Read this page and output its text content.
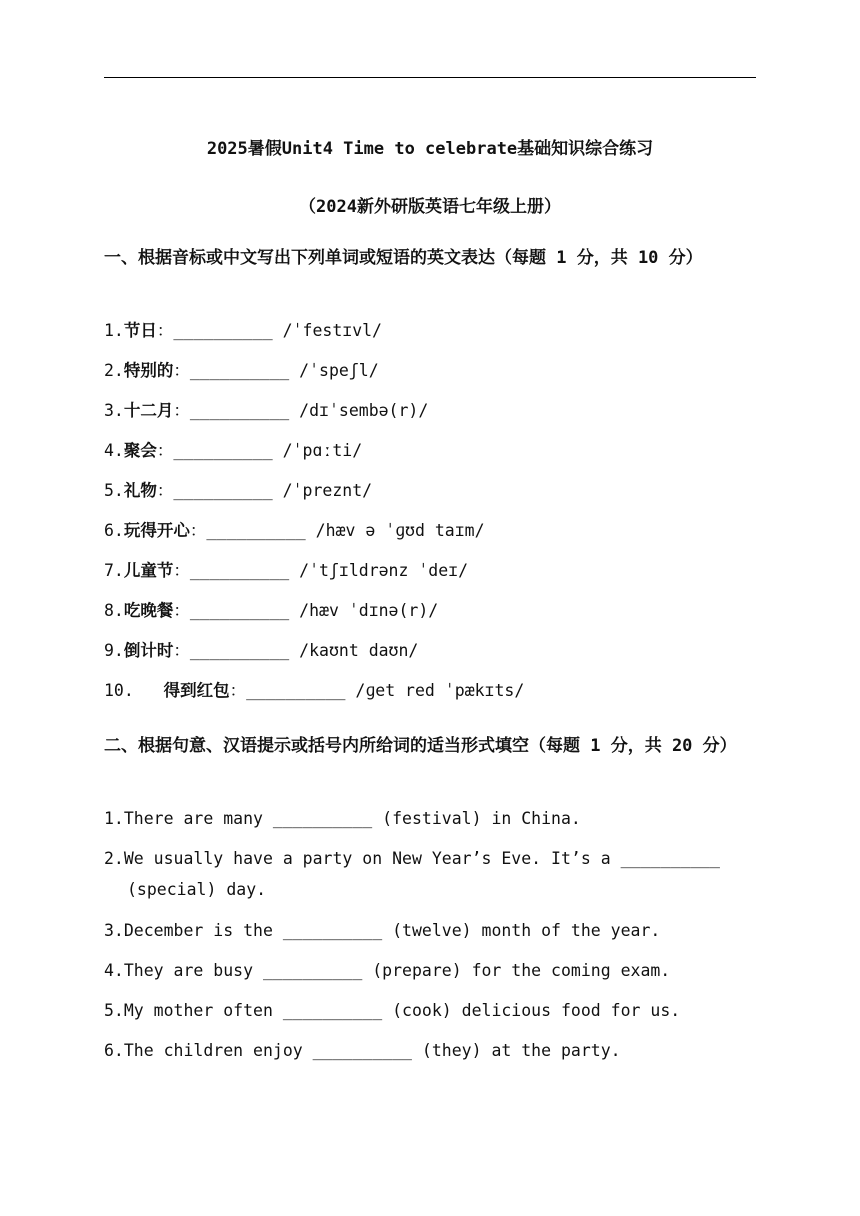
2025暑假Unit4 Time to celebrate基础知识综合练习
（2024新外研版英语七年级上册）
一、根据音标或中文写出下列单词或短语的英文表达（每题 1 分，共 10 分）
1.节日：__________ /ˈfestɪvl/
2.特别的：__________ /ˈspeʃl/
3.十二月：__________ /dɪˈsembə(r)/
4.聚会：__________ /ˈpɑːti/
5.礼物：__________ /ˈpreznt/
6.玩得开心：__________ /hæv ə ˈɡʊd taɪm/
7.儿童节：__________ /ˈtʃɪldrənz ˈdeɪ/
8.吃晚餐：__________ /hæv ˈdɪnə(r)/
9.倒计时：__________ /kaʊnt daʊn/
10.   得到红包：__________ /ɡet red ˈpækɪts/
二、根据句意、汉语提示或括号内所给词的适当形式填空（每题 1 分，共 20 分）
1.There are many __________ (festival) in China.
2.We usually have a party on New Year’s Eve. It’s a __________
(special) day.
3.December is the __________ (twelve) month of the year.
4.They are busy __________ (prepare) for the coming exam.
5.My mother often __________ (cook) delicious food for us.
6.The children enjoy __________ (they) at the party.
